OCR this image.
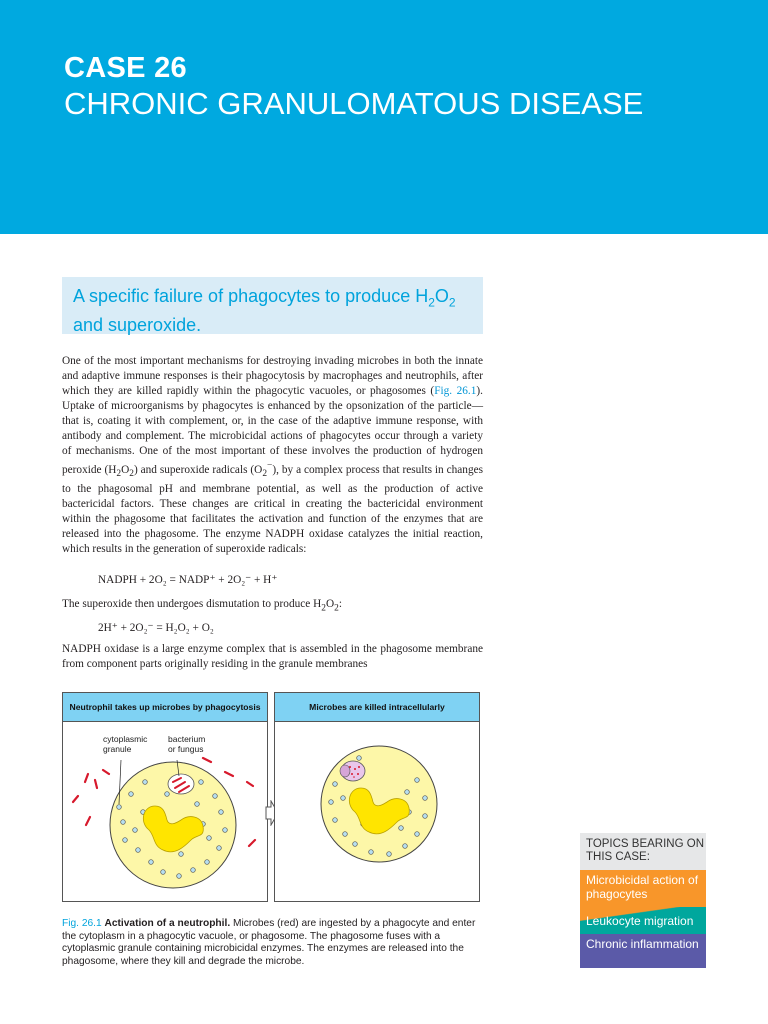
CASE 26
CHRONIC GRANULOMATOUS DISEASE
A specific failure of phagocytes to produce $H_2O_2$ and superoxide.
One of the most important mechanisms for destroying invading microbes in both the innate and adaptive immune responses is their phagocytosis by macrophages and neutrophils, after which they are killed rapidly within the phagocytic vacuoles, or phagosomes (Fig. 26.1). Uptake of microorganisms by phagocytes is enhanced by the opsonization of the particle—that is, coating it with complement, or, in the case of the adaptive immune response, with antibody and complement. The microbicidal actions of phagocytes occur through a variety of mechanisms. One of the most important of these involves the production of hydrogen peroxide $(H_2O_2)$ and superoxide radicals $(O_2^-)$, by a complex process that results in changes to the phagosomal pH and membrane potential, as well as the production of active bactericidal factors. These changes are critical in creating the bactericidal environment within the phagosome that facilitates the activation and function of the enzymes that are released into the phagosome. The enzyme NADPH oxidase catalyzes the initial reaction, which results in the generation of superoxide radicals:
NADPH + 2O₂ = NADP⁺ + 2O₂⁻ + H⁺
The superoxide then undergoes dismutation to produce $H_2O_2$:
2H⁺ + 2O₂⁻ = H₂O₂ + O₂
NADPH oxidase is a large enzyme complex that is assembled in the phagosome membrane from component parts originally residing in the granule membranes
Neutrophil takes up microbes by phagocytosis
cytoplasmic
granule
bacterium
or fungus
Microbes are killed intracellularly
Fig. 26.1 Activation of a neutrophil. Microbes (red) are ingested by a phagocyte and enter the cytoplasm in a phagocytic vacuole, or phagosome. The phagosome fuses with a cytoplasmic granule containing microbicidal enzymes. The enzymes are released into the phagosome, where they kill and degrade the microbe.
TOPICS BEARING ON THIS CASE:
Microbicidal action of phagocytes
Leukocyte migration
Chronic inflammation
